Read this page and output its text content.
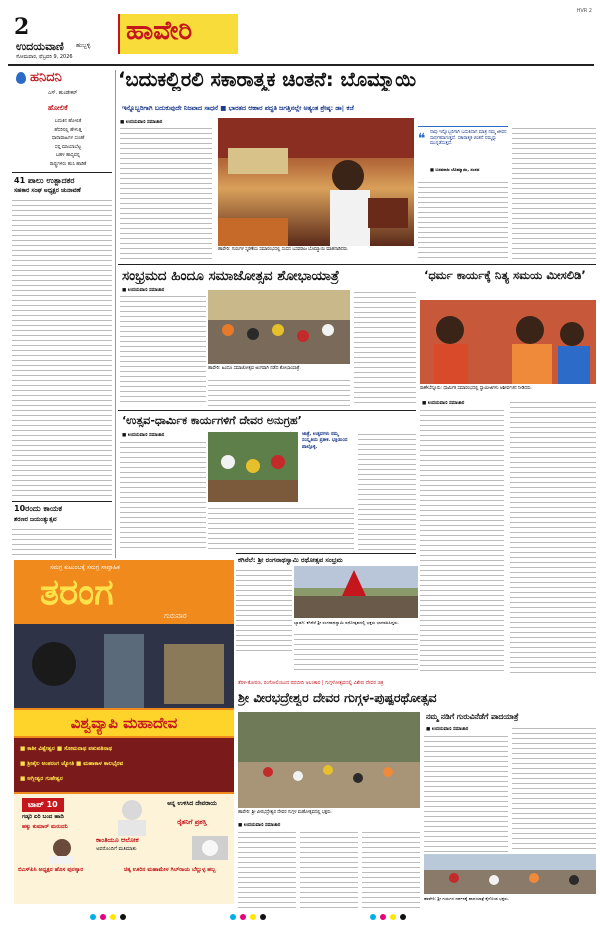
2
ಉದಯವಾಣಿ ಹುಬ್ಬಳ್ಳಿ
ಸೋಮವಾರ, ಫೆಬ್ರವರಿ 9, 2026
ಹಾವೇರಿ
HVR 2
ಹನಿದನಿ
ಎಸ್. ಹುಂಡೇಕರ್
ಹೋಲಿಕೆ
ಬದುಕಿನ ಹೋಲಿಕೆ
ಹೆಸರಿನಲ್ಲಿ ಹೇಳುತ್ತ
ಧಾರಾವಾಹಿಗಳ ಸಂಚಿಕೆ
ಸಪ್ತ ಮಾಯಾಬೆಟ್ಟ
ಬಹಳ ಹಾಸ್ಯವನ್ನ
ರಾಷ್ಟ್ರಗಳಿರು ಹುಸಿ ಹಾಡಿಕೆ
41 ಪಾಲು ಉತ್ಪಾದಕರ
ಸಹಕಾರ ಸಂಘ ಅಧ್ಯಕ್ಷರ ಚುನಾವಣೆ
10ರಂದು ಕಾಯಕ
ಶರಣರ ಜಯಂತ್ಯುತ್ಸವ
‘ಬದುಕಲ್ಲಿರಲಿ ಸಕಾರಾತ್ಮಕ ಚಿಂತನೆ: ಬೊಮ್ಮಾಯಿ
ಇನ್ನೊಬ್ಬರಿಗಾಗಿ ಬದುಕುವುದೇ ನಿಜವಾದ ಸಾಧನೆ ■ ಭಾರತದ ಆಹಾರ ಪದ್ಧತಿ ಜಗತ್ತಿನಲ್ಲೇ ಅತ್ಯಂತ ಶ್ರೇಷ್ಠ: ಡಾ| ಕಜೆ
■ ಉದಯವಾಣಿ ಸಮಾಚಾರ
ಹಾವೇರಿ: ಗುರುಗಳ ಸ್ಮರಣೆಯ ಸಮಾರಂಭದಲ್ಲಿ ಸಂಸದ ಬಸವರಾಜ ಬೊಮ್ಮಾಯಿ ಮಾತನಾಡಿದರು.
❝ ನಾವು ಇನ್ನೊಬ್ಬರಿಗಾಗಿ ಬದುಕಿದಾಗ ಮಾತ್ರ ನಮ್ಮ ಜೀವನ ಸಾರ್ಥಕವಾಗುತ್ತದೆ. ಸಕಾರಾತ್ಮಕ ಚಿಂತನೆ ನಮ್ಮನ್ನು ಮುನ್ನಡೆಸುತ್ತದೆ.
■ ಬಸವರಾಜ ಬೊಮ್ಮಾಯಿ, ಸಂಸದ
ಸಂಭ್ರಮದ ಹಿಂದೂ ಸಮಾಜೋತ್ಸವ ಶೋಭಾಯಾತ್ರೆ
■ ಉದಯವಾಣಿ ಸಮಾಚಾರ
ಹಾವೇರಿ: ಹಿಂದೂ ಸಮಾಜೋತ್ಸವ ಅಂಗವಾಗಿ ನಡೆದ ಶೋಭಾಯಾತ್ರೆ.
‘ಧರ್ಮ ಕಾರ್ಯಕ್ಕೆ ನಿತ್ಯ ಸಮಯ ಮೀಸಲಿಡಿ’
ರಾಣೇಬೆನ್ನೂರು: ಧಾರ್ಮಿಕ ಸಮಾರಂಭದಲ್ಲಿ ಸ್ವಾಮೀಜಿಗಳು ಆಶೀರ್ವಚನ ನೀಡಿದರು.
■ ಉದಯವಾಣಿ ಸಮಾಚಾರ
‘ಉತ್ಸವ-ಧಾರ್ಮಿಕ ಕಾರ್ಯಗಳಿಗೆ ದೇವರ ಅನುಗ್ರಹ’
■ ಉದಯವಾಣಿ ಸಮಾಚಾರ	ಜಾತ್ರೆ, ಉತ್ಸವಗಳು ನಮ್ಮ ಸಂಸ್ಕೃತಿಯ ಪ್ರತೀಕ. ಭಕ್ತಿಯಿಂದ ಪಾಲ್ಗೊಳ್ಳಿ.
ಕಗಿನೆಲೆ: ಶ್ರೀ ರಂಗನಾಥಸ್ವಾಮಿ ರಥೋತ್ಸವ ಸಂಭ್ರಮ
ಬ್ಯಾಡಗಿ: ಕಗಿನೆಲೆ ಶ್ರೀ ರಂಗನಾಥಸ್ವಾಮಿ ರಥೋತ್ಸವದಲ್ಲಿ ಭಕ್ತರು ಭಾಗವಹಿಸಿದ್ದರು.
ಸಮಗ್ರ ಕುಟುಂಬಕ್ಕೆ ಸಮಗ್ರ ಸಾಪ್ತಾಹಿಕ
ತರಂಗ
ಗುರುವಾರ
ವಿಶ್ವವ್ಯಾಪಿ ಮಹಾದೇವ
■ ಕಾಶೀ ವಿಶ್ವೇಶ್ವರ ■ ಸೋಮನಾಥ ಪಶುಪತಿನಾಥ
■ ಶ್ರೀಶೈಲ ಅಂತರಂಗ ಜ್ಯೋತಿ ■ ಮಹಾಕಾಳ ಕಾಲಭೈರವ
■ ಅಗ್ನೀಶ್ವರ ಗುಹೇಶ್ವರ
ಟಾಪ್ 10
ಗಡ್ಕರಿ ಏರಿ ಬಂದ ಹಾದಿ
ಹಕ್ಕು ಕುಮಾರ್ ಮರುದನಿ
ಅನ್ನ ಉಳಿಸಿದ ದೇವರಾಯ
ರೈತನಿಗೆ ಪ್ರಶಸ್ತಿ
ಕಾಂತಿಯೂ ಆಲೋಕ
ಅವರೊಂದಿಗೆ ಮತಿಮಾತು
ಬಿಎಸ್‌ಪಿಸಿ ಅಧ್ಯಕ್ಷರ ಹೊಸ ಪುರಸ್ಕಾರ	ಚಿಕ್ಕ ಊರಿನ ಮಹಾಮೇಳ ಗಿಲ್‌ರಾಯ ಬೆಲ್ಲುಳ್ಳ ಹಬ್ಬ
ತೆರಳಿ-ತೋರಣ, ರಂಗೋಲಿಯಿಂದ ರಥಬೀದಿ ಅಲಂಕಾರ | ಗುಗ್ಗಳೋತ್ಸವದಲ್ಲಿ ವಿಶೇಷ ದೇವರ ಚಿತ್ರ
ಶ್ರೀ ವೀರಭದ್ರೇಶ್ವರ ದೇವರ ಗುಗ್ಗಳ-ಪುಷ್ಪರಥೋತ್ಸವ
ಹಾವೇರಿ: ಶ್ರೀ ವೀರಭದ್ರೇಶ್ವರ ದೇವರ ಗುಗ್ಗಳ ಮಹೋತ್ಸವದಲ್ಲಿ ಭಕ್ತರು.
■ ಉದಯವಾಣಿ ಸಮಾಚಾರ
ನಮ್ಮ ನಡಿಗೆ ಗುರುವಿನೆಡೆಗೆ ಪಾದಯಾತ್ರೆ
■ ಉದಯವಾಣಿ ಸಮಾಚಾರ
ಹಾವೇರಿ: ಶ್ರೀ ಗುರುಗಳ ದರ್ಶನಕ್ಕೆ ಪಾದಯಾತ್ರೆ ಕೈಗೊಂಡ ಭಕ್ತರು.
